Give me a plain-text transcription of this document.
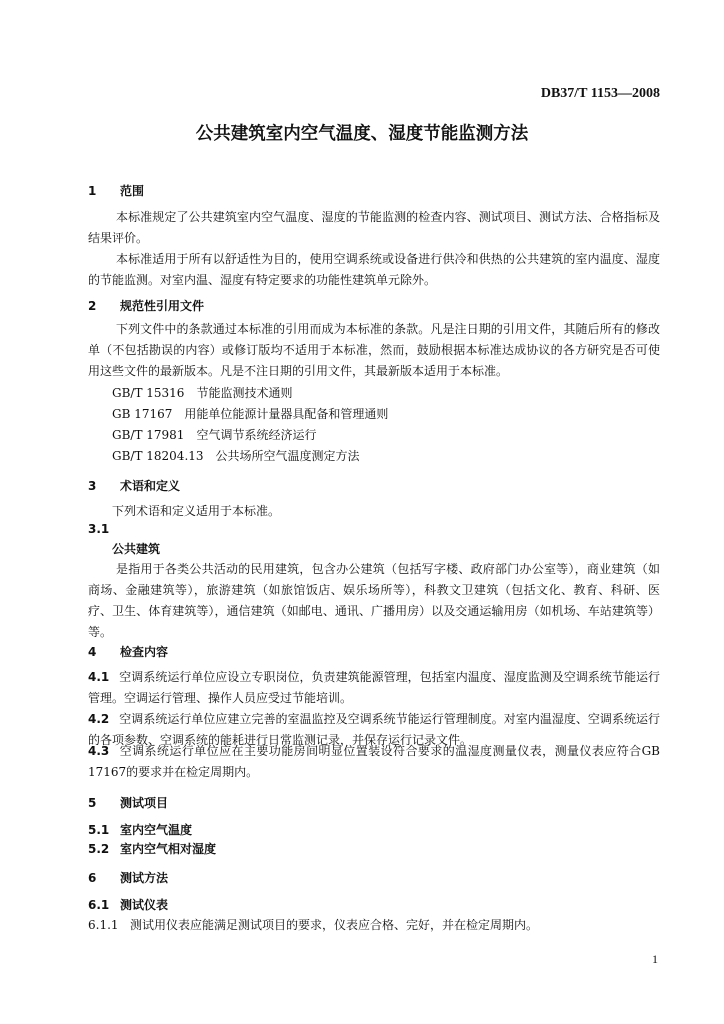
DB37/T 1153—2008
公共建筑室内空气温度、湿度节能监测方法
1 范围
本标准规定了公共建筑室内空气温度、湿度的节能监测的检查内容、测试项目、测试方法、合格指标及结果评价。
本标准适用于所有以舒适性为目的，使用空调系统或设备进行供冷和供热的公共建筑的室内温度、湿度的节能监测。对室内温、湿度有特定要求的功能性建筑单元除外。
2 规范性引用文件
下列文件中的条款通过本标准的引用而成为本标准的条款。凡是注日期的引用文件，其随后所有的修改单（不包括勘误的内容）或修订版均不适用于本标准，然而，鼓励根据本标准达成协议的各方研究是否可使用这些文件的最新版本。凡是不注日期的引用文件，其最新版本适用于本标准。
GB/T 15316　节能监测技术通则
GB 17167　用能单位能源计量器具配备和管理通则
GB/T 17981　空气调节系统经济运行
GB/T 18204.13　公共场所空气温度测定方法
3 术语和定义
下列术语和定义适用于本标准。
3.1
公共建筑
是指用于各类公共活动的民用建筑，包含办公建筑（包括写字楼、政府部门办公室等），商业建筑（如商场、金融建筑等），旅游建筑（如旅馆饭店、娱乐场所等），科教文卫建筑（包括文化、教育、科研、医疗、卫生、体育建筑等），通信建筑（如邮电、通讯、广播用房）以及交通运输用房（如机场、车站建筑等）等。
4 检查内容
4.1 空调系统运行单位应设立专职岗位，负责建筑能源管理，包括室内温度、湿度监测及空调系统节能运行管理。空调运行管理、操作人员应受过节能培训。
4.2 空调系统运行单位应建立完善的室温监控及空调系统节能运行管理制度。对室内温湿度、空调系统运行的各项参数、空调系统的能耗进行日常监测记录，并保存运行记录文件。
4.3 空调系统运行单位应在主要功能房间明显位置装设符合要求的温湿度测量仪表，测量仪表应符合GB 17167的要求并在检定周期内。
5 测试项目
5.1 室内空气温度
5.2 室内空气相对湿度
6 测试方法
6.1 测试仪表
6.1.1 测试用仪表应能满足测试项目的要求，仪表应合格、完好，并在检定周期内。
1
